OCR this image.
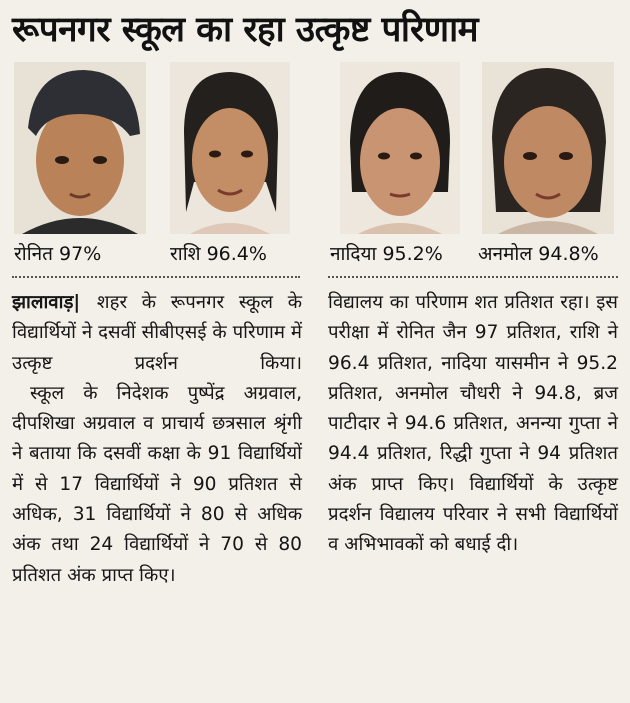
रूपनगर स्कूल का रहा उत्कृष्ट परिणाम
रोनित 97%	राशि 96.4%	नादिया 95.2% अनमोल 94.8%

झालावाड़| शहर के रूपनगर स्कूल के विद्यार्थियों ने दसवीं सीबीएसई के परिणाम में उत्कृष्ट प्रदर्शन किया।

स्कूल के निदेशक पुष्पेंद्र अग्रवाल, दीपशिखा अग्रवाल व प्राचार्य छत्रसाल श्रृंगी ने बताया कि दसवीं कक्षा के 91 विद्यार्थियों में से 17 विद्यार्थियों ने 90 प्रतिशत से अधिक, 31 विद्यार्थियों ने 80 से अधिक अंक तथा 24 विद्यार्थियों ने 70 से 80 प्रतिशत अंक प्राप्त किए।

विद्यालय का परिणाम शत प्रतिशत रहा। इस परीक्षा में रोनित जैन 97 प्रतिशत, राशि ने 96.4 प्रतिशत, नादिया यासमीन ने 95.2 प्रतिशत, अनमोल चौधरी ने 94.8, ब्रज पाटीदार ने 94.6 प्रतिशत, अनन्या गुप्ता ने 94.4 प्रतिशत, रिद्धी गुप्ता ने 94 प्रतिशत अंक प्राप्त किए। विद्यार्थियों के उत्कृष्ट प्रदर्शन विद्यालय परिवार ने सभी विद्यार्थियों व अभिभावकों को बधाई दी।
